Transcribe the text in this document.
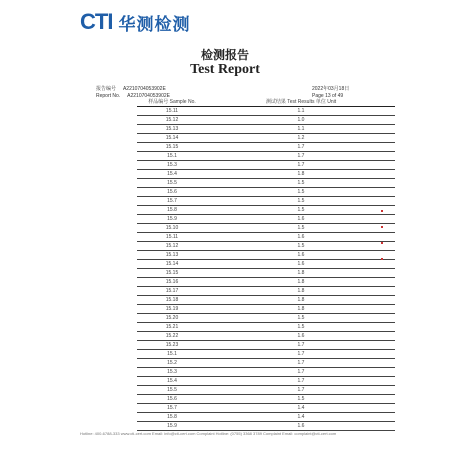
CTI 华测检测
检测报告
Test Report
报告编号 A2210704053902E
Report No. A2210704053902E
2022年03月18日
Page 13 of 49
样品编号 Sample No.	测试结果 Test Results 单位 Unit
15.11	1.1
15.12	1.0
15.13	1.1
15.14	1.2
15.15	1.7
15.1	1.7
15.3	1.7
15.4	1.8
15.5	1.5
15.6	1.5
15.7	1.5
15.8	1.5
15.9	1.6
15.10	1.5
15.11	1.6
15.12	1.5
15.13	1.6
15.14	1.6
15.15	1.8
15.16	1.8
15.17	1.8
15.18	1.8
15.19	1.8
15.20	1.5
15.21	1.5
15.22	1.6
15.23	1.7
15.1	1.7
15.2	1.7
15.3	1.7
15.4	1.7
15.5	1.7
15.6	1.5
15.7	1.4
15.8	1.4
15.9	1.6
Hotline: 400-6788-333 www.cti-cert.com Email: info@cti-cert.com Complaint Hotline: (0755) 3368 3789 Complaint Email: complaint@cti-cert.com
